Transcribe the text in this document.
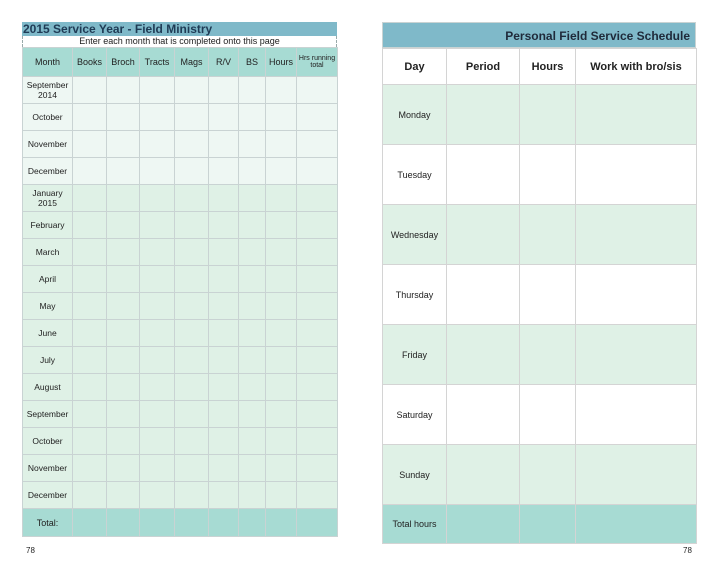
2015 Service Year - Field Ministry
Enter each month that is completed onto this page
Month	Books	Broch	Tracts	Mags	R/V	BS	Hours	Hrs running total
September 2014								
October								
November								
December								
January 2015								
February								
March								
April								
May								
June								
July								
August								
September								
October								
November								
December								
Total:								
78
Personal Field Service Schedule
Day	Period	Hours	Work with bro/sis
Monday			
Tuesday			
Wednesday			
Thursday			
Friday			
Saturday			
Sunday			
Total hours			
78
